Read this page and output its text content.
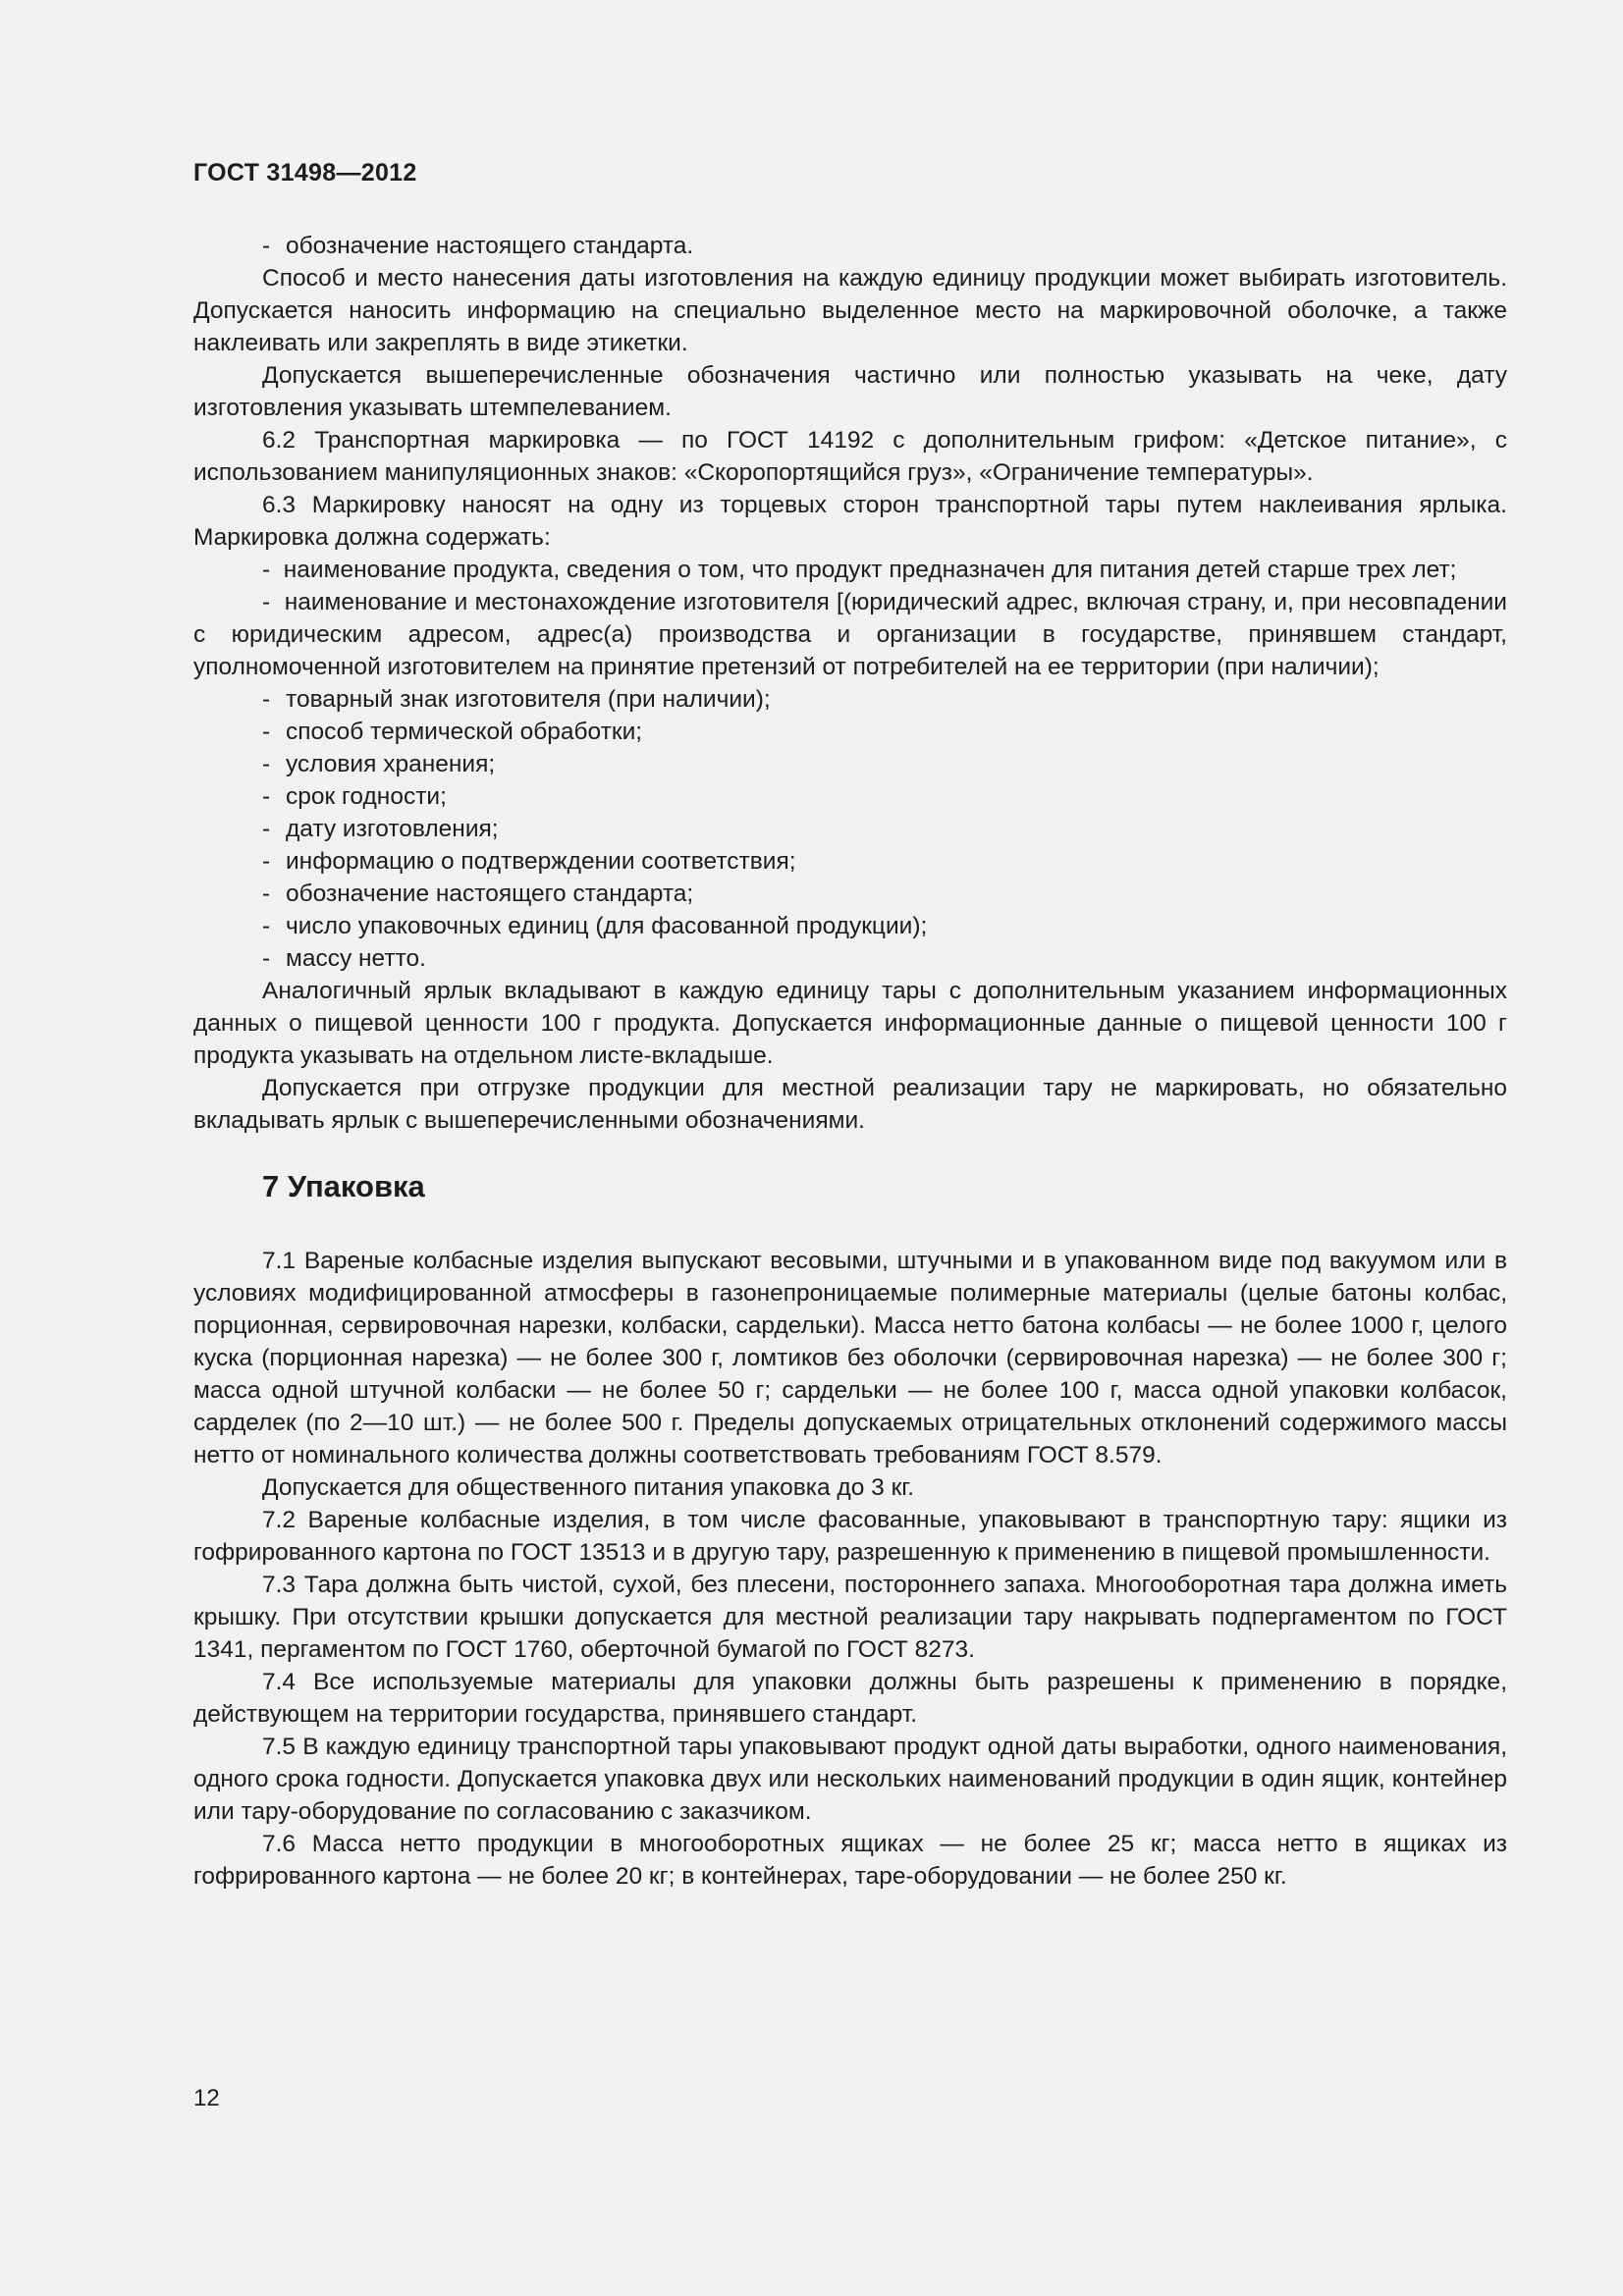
ГОСТ 31498—2012

- обозначение настоящего стандарта.

Способ и место нанесения даты изготовления на каждую единицу продукции может выбирать изготовитель. Допускается наносить информацию на специально выделенное место на маркировочной оболочке, а также наклеивать или закреплять в виде этикетки.

Допускается вышеперечисленные обозначения частично или полностью указывать на чеке, дату изготовления указывать штемпелеванием.

6.2 Транспортная маркировка — по ГОСТ 14192 с дополнительным грифом: «Детское питание», с использованием манипуляционных знаков: «Скоропортящийся груз», «Ограничение температуры».

6.3 Маркировку наносят на одну из торцевых сторон транспортной тары путем наклеивания ярлыка. Маркировка должна содержать:

-  наименование продукта, сведения о том, что продукт предназначен для питания детей старше трех лет;

-  наименование и местонахождение изготовителя [(юридический адрес, включая страну, и, при несовпадении с юридическим адресом, адрес(а) производства и организации в государстве, принявшем стандарт, уполномоченной изготовителем на принятие претензий от потребителей на ее территории (при наличии);

- товарный знак изготовителя (при наличии);

- способ термической обработки;

- условия хранения;

- срок годности;

- дату изготовления;

- информацию о подтверждении соответствия;

- обозначение настоящего стандарта;

- число упаковочных единиц (для фасованной продукции);

- массу нетто.

Аналогичный ярлык вкладывают в каждую единицу тары с дополнительным указанием информационных данных о пищевой ценности 100 г продукта. Допускается информационные данные о пищевой ценности 100 г продукта указывать на отдельном листе-вкладыше.

Допускается при отгрузке продукции для местной реализации тару не маркировать, но обязательно вкладывать ярлык с вышеперечисленными обозначениями.

7 Упаковка

7.1 Вареные колбасные изделия выпускают весовыми, штучными и в упакованном виде под вакуумом или в условиях модифицированной атмосферы в газонепроницаемые полимерные материалы (целые батоны колбас, порционная, сервировочная нарезки, колбаски, сардельки). Масса нетто батона колбасы — не более 1000 г, целого куска (порционная нарезка) — не более 300 г, ломтиков без оболочки (сервировочная нарезка) — не более 300 г; масса одной штучной колбаски — не более 50 г; сардельки — не более 100 г, масса одной упаковки колбасок, сарделек (по 2—10 шт.) — не более 500 г. Пределы допускаемых отрицательных отклонений содержимого массы нетто от номинального количества должны соответствовать требованиям ГОСТ 8.579.

Допускается для общественного питания упаковка до 3 кг.

7.2 Вареные колбасные изделия, в том числе фасованные, упаковывают в транспортную тару: ящики из гофрированного картона по ГОСТ 13513 и в другую тару, разрешенную к применению в пищевой промышленности.

7.3 Тара должна быть чистой, сухой, без плесени, постороннего запаха. Многооборотная тара должна иметь крышку. При отсутствии крышки допускается для местной реализации тару накрывать подпергаментом по ГОСТ 1341, пергаментом по ГОСТ 1760, оберточной бумагой по ГОСТ 8273.

7.4 Все используемые материалы для упаковки должны быть разрешены к применению в порядке, действующем на территории государства, принявшего стандарт.

7.5 В каждую единицу транспортной тары упаковывают продукт одной даты выработки, одного наименования, одного срока годности. Допускается упаковка двух или нескольких наименований продукции в один ящик, контейнер или тару-оборудование по согласованию с заказчиком.

7.6 Масса нетто продукции в многооборотных ящиках — не более 25 кг; масса нетто в ящиках из гофрированного картона — не более 20 кг; в контейнерах, таре-оборудовании — не более 250 кг.

12
